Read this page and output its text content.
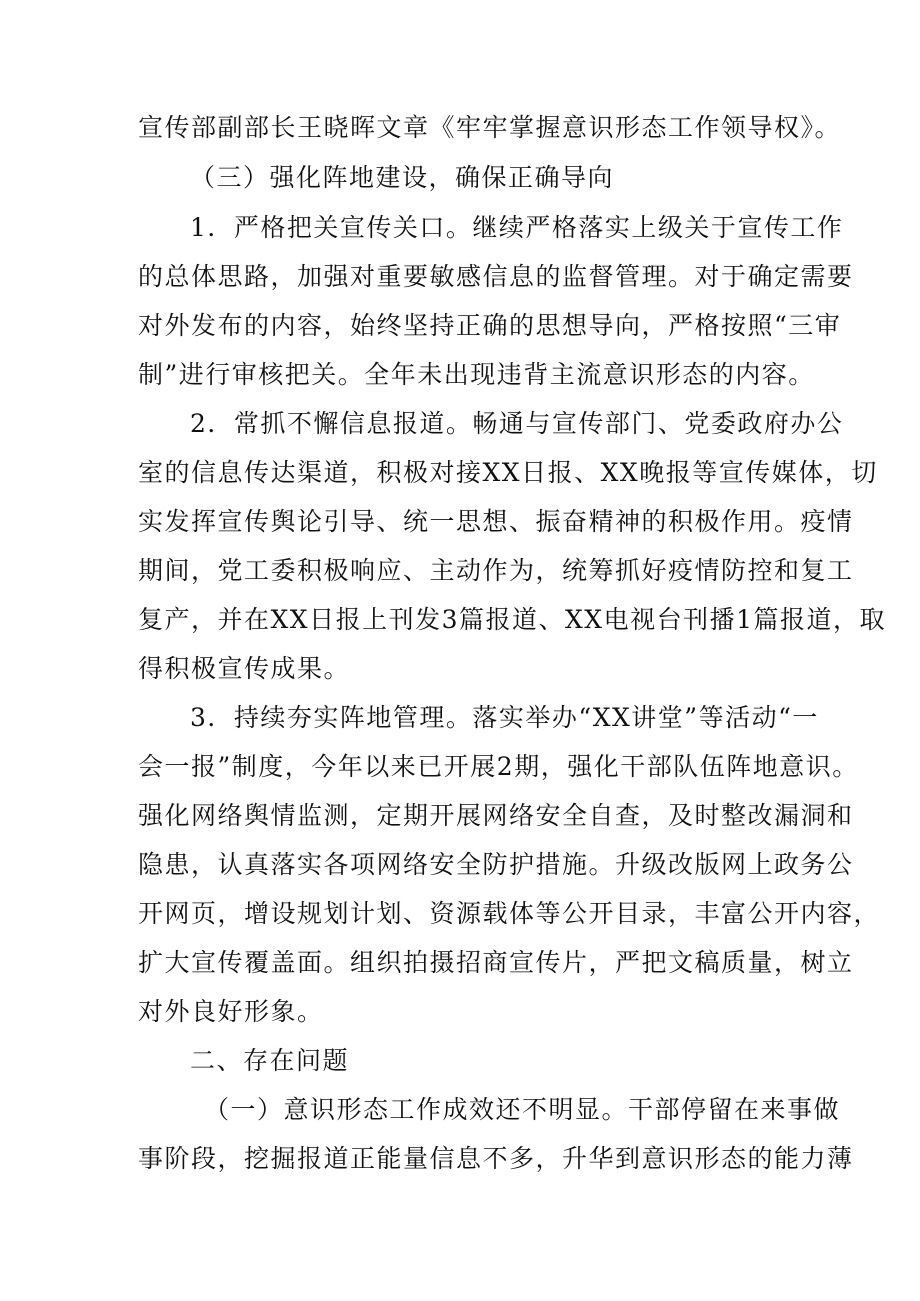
宣传部副部长王晓晖文章《牢牢掌握意识形态工作领导权》。
（三）强化阵地建设，确保正确导向
1．严格把关宣传关口。继续严格落实上级关于宣传工作
的总体思路，加强对重要敏感信息的监督管理。对于确定需要
对外发布的内容，始终坚持正确的思想导向，严格按照“三审
制”进行审核把关。全年未出现违背主流意识形态的内容。
2．常抓不懈信息报道。畅通与宣传部门、党委政府办公
室的信息传达渠道，积极对接XX日报、XX晚报等宣传媒体，切
实发挥宣传舆论引导、统一思想、振奋精神的积极作用。疫情
期间，党工委积极响应、主动作为，统筹抓好疫情防控和复工
复产，并在XX日报上刊发3篇报道、XX电视台刊播1篇报道，取
得积极宣传成果。
3．持续夯实阵地管理。落实举办“XX讲堂”等活动“一
会一报”制度，今年以来已开展2期，强化干部队伍阵地意识。
强化网络舆情监测，定期开展网络安全自查，及时整改漏洞和
隐患，认真落实各项网络安全防护措施。升级改版网上政务公
开网页，增设规划计划、资源载体等公开目录，丰富公开内容，
扩大宣传覆盖面。组织拍摄招商宣传片，严把文稿质量，树立
对外良好形象。
二、存在问题
（一）意识形态工作成效还不明显。干部停留在来事做
事阶段，挖掘报道正能量信息不多，升华到意识形态的能力薄
